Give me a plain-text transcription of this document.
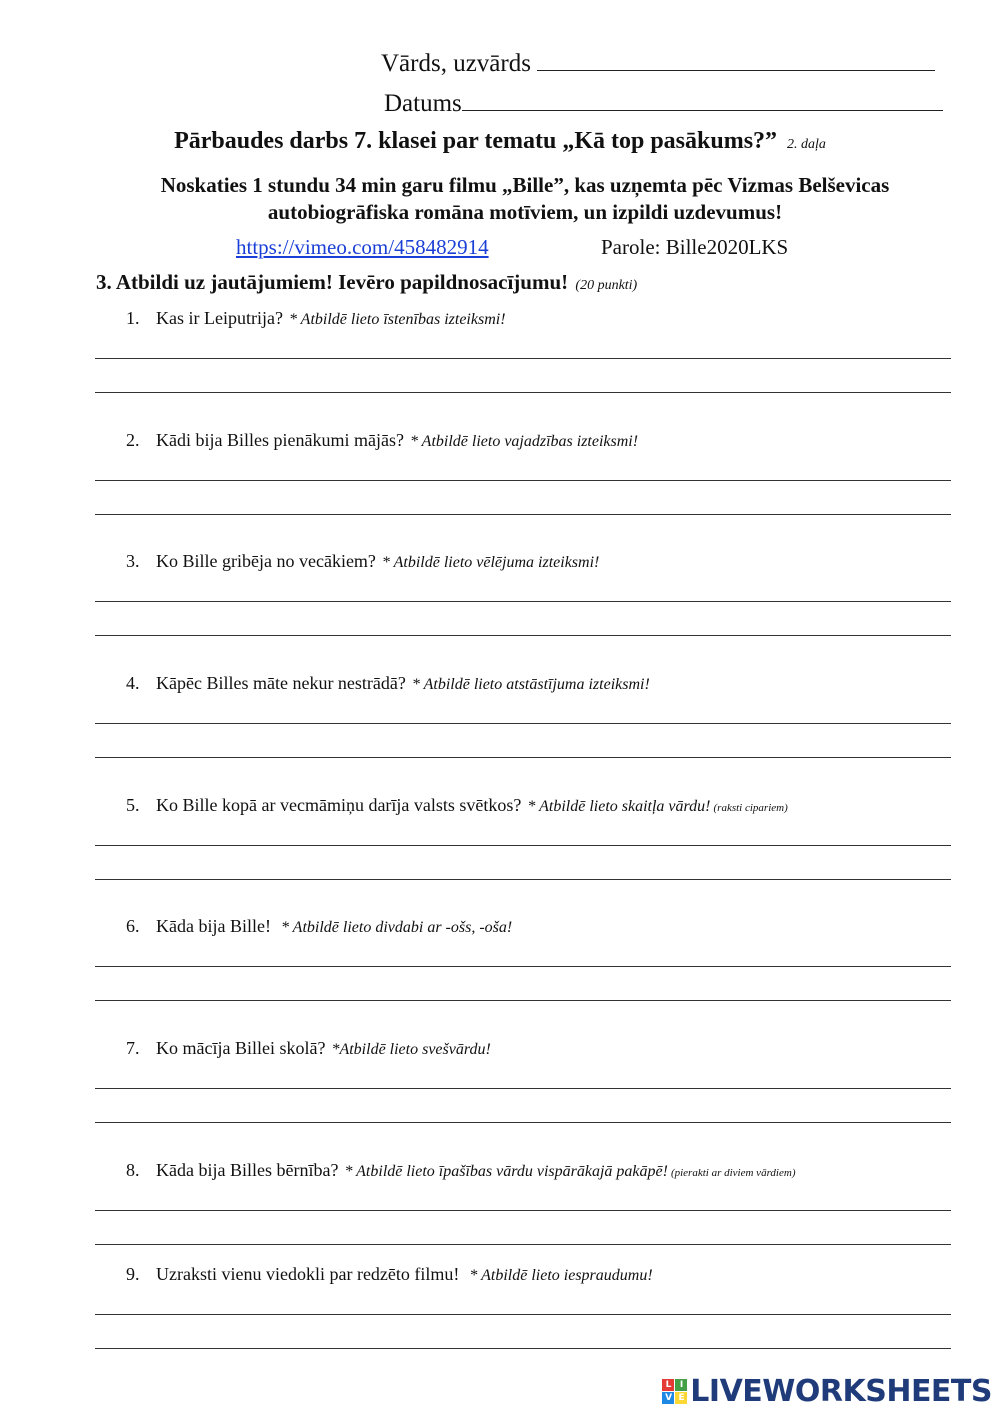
Vārds, uzvārds
Datums
Pārbaudes darbs 7. klasei par tematu „Kā top pasākums?” 2. daļa
Noskaties 1 stundu 34 min garu filmu „Bille”, kas uzņemta pēc Vizmas Belševicas autobiogrāfiska romāna motīviem, un izpildi uzdevumus!
https://vimeo.com/458482914	Parole: Bille2020LKS
3. Atbildi uz jautājumiem! Ievēro papildnosacījumu! (20 punkti)
1. Kas ir Leiputrija? * Atbildē lieto īstenības izteiksmi!
2. Kādi bija Billes pienākumi mājās? * Atbildē lieto vajadzības izteiksmi!
3. Ko Bille gribēja no vecākiem? * Atbildē lieto vēlējuma izteiksmi!
4. Kāpēc Billes māte nekur nestrādā? * Atbildē lieto atstāstījuma izteiksmi!
5. Ko Bille kopā ar vecmāmiņu darīja valsts svētkos? * Atbildē lieto skaitļa vārdu! (raksti cipariem)
6. Kāda bija Bille! * Atbildē lieto divdabi ar -ošs, -oša!
7. Ko mācīja Billei skolā? *Atbildē lieto svešvārdu!
8. Kāda bija Billes bērnība? * Atbildē lieto īpašības vārdu vispārākajā pakāpē! (pierakti ar diviem vārdiem)
9. Uzraksti vienu viedokli par redzēto filmu! * Atbildē lieto iespraudumu!
L I
V E LIVEWORKSHEETS
